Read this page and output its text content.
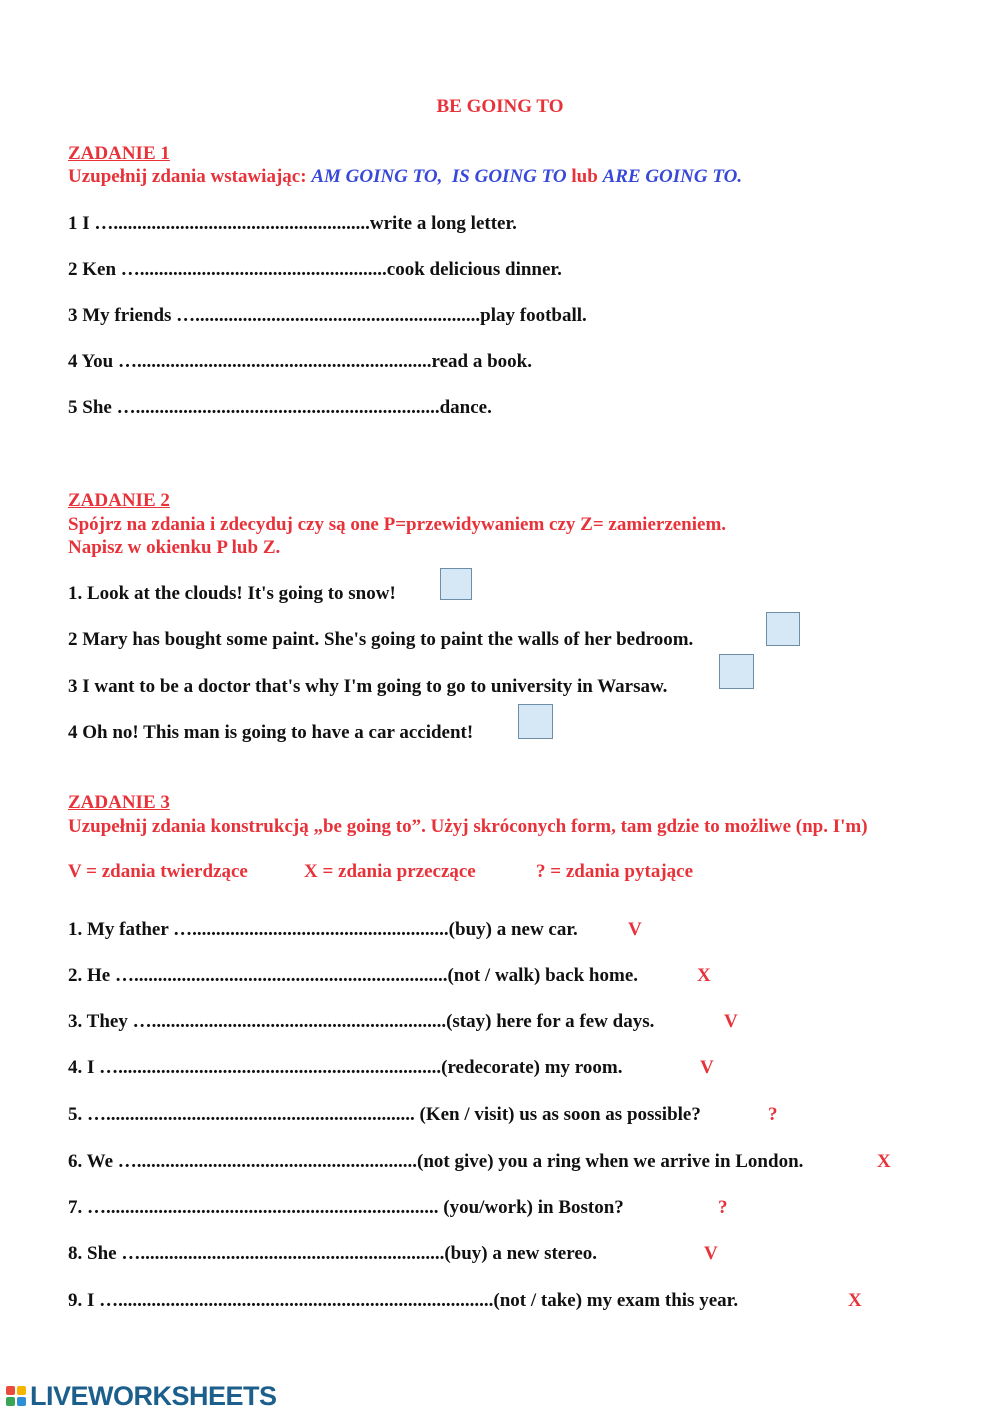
BE GOING TO
ZADANIE 1
Uzupełnij zdania wstawiając: AM GOING TO, IS GOING TO lub ARE GOING TO.
1 I …......................................................write a long letter.
2 Ken …....................................................cook delicious dinner.
3 My friends …............................................................play football.
4 You …..............................................................read a book.
5 She …................................................................dance.
ZADANIE 2
Spójrz na zdania i zdecyduj czy są one P=przewidywaniem czy Z= zamierzeniem.
Napisz w okienku P lub Z.
1. Look at the clouds! It's going to snow!
2 Mary has bought some paint. She's going to paint the walls of her bedroom.
3 I want to be a doctor that's why I'm going to go to university in Warsaw.
4 Oh no! This man is going to have a car accident!
ZADANIE 3
Uzupełnij zdania konstrukcją „be going to”. Użyj skróconych form, tam gdzie to możliwe (np. I'm)
V = zdania twierdzące	X = zdania przeczące	? = zdania pytające
1. My father …......................................................(buy) a new car.	V
2. He …..................................................................(not / walk) back home.	X
3. They …..............................................................(stay) here for a few days.	V
4. I …....................................................................(redecorate) my room.	V
5. …................................................................. (Ken / visit) us as soon as possible?	?
6. We …...........................................................(not give) you a ring when we arrive in London.	X
7. …...................................................................... (you/work) in Boston?	?
8. She …................................................................(buy) a new stereo.	V
9. I …...............................................................................(not / take) my exam this year.	X
LIVEWORKSHEETS
